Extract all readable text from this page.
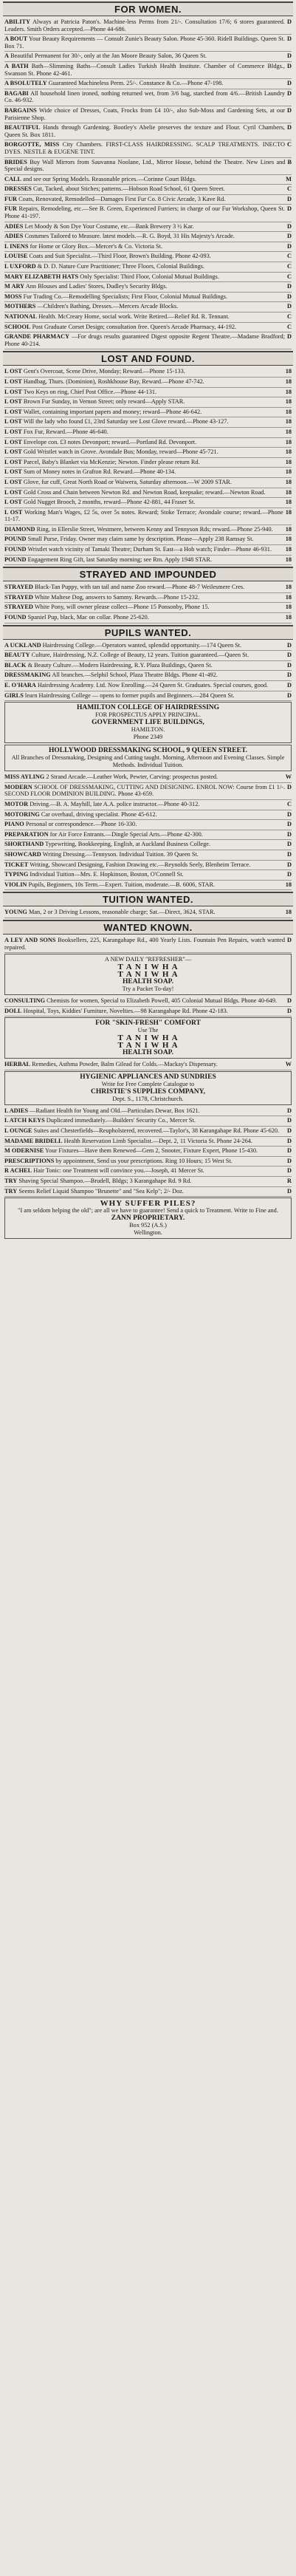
FOR WOMEN.
D
ABILITY Always at Patricia Paton's. Machine-less Perms from 21/-. Consultation 17/6; 6 stores guaranteed. Leaders. Smith Orders accepted.—Phone 44-686.
D
A BOUT Your Beauty Requirements — Consult Zunie's Beauty Salon. Phone 45-360. Ridell Buildings. Queen St. Box 71.
D
A Beautiful Permanent for 30/-, only at the Jan Moore Beauty Salon, 36 Queen St.
D
A BATH Bath—Slimming Baths—Consult Ladies Turkish Health Institute. Chamber of Commerce Bldgs., Swanson St. Phone 42-461.
D
A BSOLUTELY Guaranteed Machineless Perm. 25/-. Constance & Co.—Phone 47-198.
D
BAGABI All household linen ironed, nothing returned wet, from 3/6 bag, starched from 4/6.—British Laundry Co. 46-932.
D
BARGAINS Wide choice of Dresses, Coats, Frocks from £4 10/-, also Sub-Moss and Gardening Sets, at our Parisienne Shop.
D
BEAUTIFUL Hands through Gardening. Bootley's Abelie preserves the texture and Flour. Cyril Chambers, Queen St. Box 1811.
C
BORGOTTE, MISS City Chambers. FIRST-CLASS HAIRDRESSING. SCALP TREATMENTS. INECTO DYES. NESTLE & EUGENE TINT.
B
BRIDES Buy Wall Mirrors from Sauvanna Noolane, Ltd., Mirror House, behind the Theatre. New Lines and Special designs.
M
CALL and see our Spring Models. Reasonable prices.—Corinne Court Bldgs.
C
DRESSES Cut, Tacked, about Stiches; patterns.—Hobson Road School, 61 Queen Street.
D
FUR Coats, Renovated, Remodelled—Damages First Fur Co. 8 Civic Arcade, 3 Kave Rd.
D
FUR Repairs, Remodeling, etc.—See B. Green, Experienced Furriers; in charge of our Fur Workshop, Queen St. Phone 41-197.
D
ADIES Let Moody & Son Dye Your Costume, etc.—Bank Brewery 3 ½ Kar.
D
ADIES Costumes Tailored to Measure. latest models.—R. G. Boyd, 31 His Majesty's Arcade.
D
L INENS for Home or Glory Box.—Mercer's & Co. Victoria St.
C
LOUISE Coats and Suit Specialist.—Third Floor, Brown's Building. Phone 42-093.
C
L UXFORD & D. D. Nature Cure Practitioner; Three Floors, Colonial Buildings.
C
MARY ELIZABETH HATS Only Specialist: Third Floor, Colonial Mutual Buildings.
D
M ARY Ann Blouses and Ladies' Stores, Dudley's Security Bldgs.
D
MOSS Fur Trading Co.—Remodelling Specialists; First Floor, Colonial Mutual Buildings.
D
MOTHERS —Children's Bathing, Dresses.—Mercers Arcade Blocks.
C
NATIONAL Health. McCreary Home, social work. Write Retired.—Relief Rd. R. Tennant.
C
SCHOOL Post Graduate Corset Design; consultation free. Queen's Arcade Pharmacy, 44-192.
D
GRANDE PHARMACY —For drugs results guaranteed Digest opposite Regent Theatre.—Madame Bradford; Phone 40-214.
LOST AND FOUND.
18
L OST Gent's Overcoat, Scene Drive, Monday; Reward.—Phone 15-133.
18
L OST Handbag, Thurs. (Dominion), Roshkhouse Bay, Reward.—Phone 47-742.
18
L OST Two Keys on ring, Chief Post Office.—Phone 44-131.
18
L OST Brown Fur Sunday, in Vernon Street; only reward—Apply STAR.
18
L OST Wallet, containing important papers and money; reward—Phone 46-642.
18
L OST Will the lady who found £1, 23rd Saturday see Lost Glove reward.—Phone 43-127.
18
L OST Fox Fur, Reward.—Phone 46-640.
18
L OST Envelope con. £3 notes Devonport; reward.—Portland Rd. Devonport.
18
L OST Gold Wristlet watch in Grove. Avondale Bus; Monday, reward—Phone 45-721.
18
L OST Parcel, Baby's Blanket via McKenzie; Newton. Finder please return Rd.
18
L OST Sum of Money notes in Grafton Rd. Reward.—Phone 40-134.
18
L OST Glove, fur cuff, Great North Road or Waiwera, Saturday afternoon.—W 2009 STAR.
18
L OST Gold Cross and Chain between Newton Rd. and Newton Road, keepsake; reward.—Newton Road.
18
L OST Gold Nugget Brooch, 2 months, reward—Phone 42-881, 44 Fraser St.
18
L OST Working Man's Wages, £2 5s, over 5s notes. Reward; Stoke Terrace; Avondale course; reward.—Phone 11-17.
18
DIAMOND Ring, in Ellerslie Street, Westmere, between Kenny and Tennyson Rds; reward.—Phone 25-940.
18
POUND Small Purse, Friday. Owner may claim same by description. Please—Apply 238 Ramsay St.
18
FOUND Wristlet watch vicinity of Tamaki Theatre; Durham St. East—a Hob watch; Finder—Phone 46-931.
18
POUND Engagement Ring Gift, last Saturday morning; see Rm. Apply 1948 STAR.
STRAYED AND IMPOUNDED
18
STRAYED Black-Tan Puppy, with tan tail and name Zoo reward.—Phone 48-7 Weilesmere Cres.
18
STRAYED White Maltese Dog, answers to Sammy. Rewards.—Phone 15-232.
18
STRAYED White Pony, will owner please collect—Phone 15 Ponsonby, Phone 15.
18
FOUND Spaniel Pup, black, Mac on collar. Phone 25-620.
PUPILS WANTED.
D
A UCKLAND Hairdressing College.—Operators wanted, splendid opportunity.—174 Queen St.
D
BEAUTY Culture, Hairdressing, N.Z. College of Beauty, 12 years. Tuition guaranteed.—Queen St.
D
BLACK & Beauty Culture.—Modern Hairdressing, R.Y. Plaza Buildings, Queen St.
D
DRESSMAKING All branches.—Selphil School, Plaza Theatre Bldgs. Phone 41-492.
D
E. O'HARA Hairdressing Academy. Ltd. Now Enrolling.—24 Queen St. Graduates. Special courses, good.
D
GIRLS learn Hairdressing College — opens to former pupils and Beginners.—284 Queen St.
HAMILTON COLLEGE OF HAIRDRESSING
FOR PROSPECTUS APPLY PRINCIPAL.
GOVERNMENT LIFE BUILDINGS,
HAMILTON.
Phone 2349
HOLLYWOOD DRESSMAKING SCHOOL, 9 QUEEN STREET.
All Branches of Dressmaking, Designing and Cutting taught. Morning, Afternoon and Evening Classes. Simple Methods. Individual Tuition.
W
MISS AYLING 2 Strand Arcade.—Leather Work, Pewter, Carving: prospectus posted.
D
MODERN SCHOOL OF DRESSMAKING, CUTTING AND DESIGNING. ENROL NOW: Course from £1 1/-. SECOND FLOOR DOMINION BUILDING. Phone 43-659.
C
MOTOR Driving.—B. A. Mayhill, late A.A. police instructor.—Phone 40-312.
D
MOTORING Car overhaul, driving specialist. Phone 45-612.
D
PIANO Personal or correspondence.—Phone 16-330.
D
PREPARATION for Air Force Entrants.—Dingle Special Arts.—Phone 42-300.
D
SHORTHAND Typewriting, Bookkeeping, English, at Auckland Business College.
D
SHOWCARD Writing Dressing.—Tennyson. Individual Tuition. 39 Queen St.
D
TICKET Writing, Showcard Designing, Fashion Drawing etc.—Reynolds Seely, Blenheim Terrace.
D
TYPING Individual Tuition—Mrs. E. Hopkinson, Boston, O'Connell St.
18
VIOLIN Pupils, Beginners, 10s Term.—Expert. Tuition, moderate.—B. 6006, STAR.
TUITION WANTED.
18
YOUNG Man, 2 or 3 Driving Lessons, reasonable charge; Sat.—Direct, 3624, STAR.
WANTED KNOWN.
D
A LEY AND SONS Booksellers, 225, Karangahape Rd., 400 Yearly Lists. Fountain Pen Repairs, watch wanted repaired.
A NEW DAILY "REFRESHER"—
T A N I W H A
T A N I W H A
HEALTH SOAP.
Try a Packet To-day!
D
CONSULTING Chemists for women, Special to Elizabeth Powell, 405 Colonial Mutual Bldgs. Phone 40-649.
D
DOLL Hospital, Toys, Kiddies' Furniture, Novelties.—98 Karangahape Rd. Phone 42-183.
FOR "SKIN-FRESH" COMFORT
Use The
T A N I W H A
T A N I W H A
HEALTH SOAP.
W
HERBAL Remedies, Asthma Powder, Balm Gilead for Colds.—Mackay's Dispensary.
HYGIENIC APPLIANCES AND SUNDRIES
Write for Free Complete Catalogue to
CHRISTIE'S SUPPLIES COMPANY,
Dept. S., 1178, Christchurch.
D
L ADIES —Radiant Health for Young and Old.—Particulars Dewar, Box 1621.
D
L ATCH KEYS Duplicated immediately.—Builders' Security Co., Mercer St.
D
L OUNGE Suites and Chesterfields—Reupholstered, recovered.—Taylor's, 38 Karangahape Rd. Phone 45-620.
D
MADAME BRIDELL Health Reservation Limb Specialist.—Dept. 2, 11 Victoria St. Phone 24-264.
D
M ODERNISE Your Fixtures—Have them Renewed—Gem 2, Snooter, Fixture Expert, Phone 15-430.
D
PRESCRIPTIONS by appointment, Send us your prescriptions. Ring 10 Hours; 15 West St.
D
R ACHEL Hair Tonic: one Treatment will convince you.—Joseph, 41 Mercer St.
R
TRY Shaving Special Shampoo.—Brudell, Bldgs; 3 Karangahape Rd. 9 Rd.
D
TRY Seems Relief Liquid Shampoo "Brunette" and "Sea Kelp"; 2/- Doz.
WHY SUFFER PILES?
"I am seldom helping the old"; are all we have to guarantee! Send a quick to Treatment. Write to Fine and.
ZANN PROPRIETARY.
Box 952 (A.S.)
Wellington.
